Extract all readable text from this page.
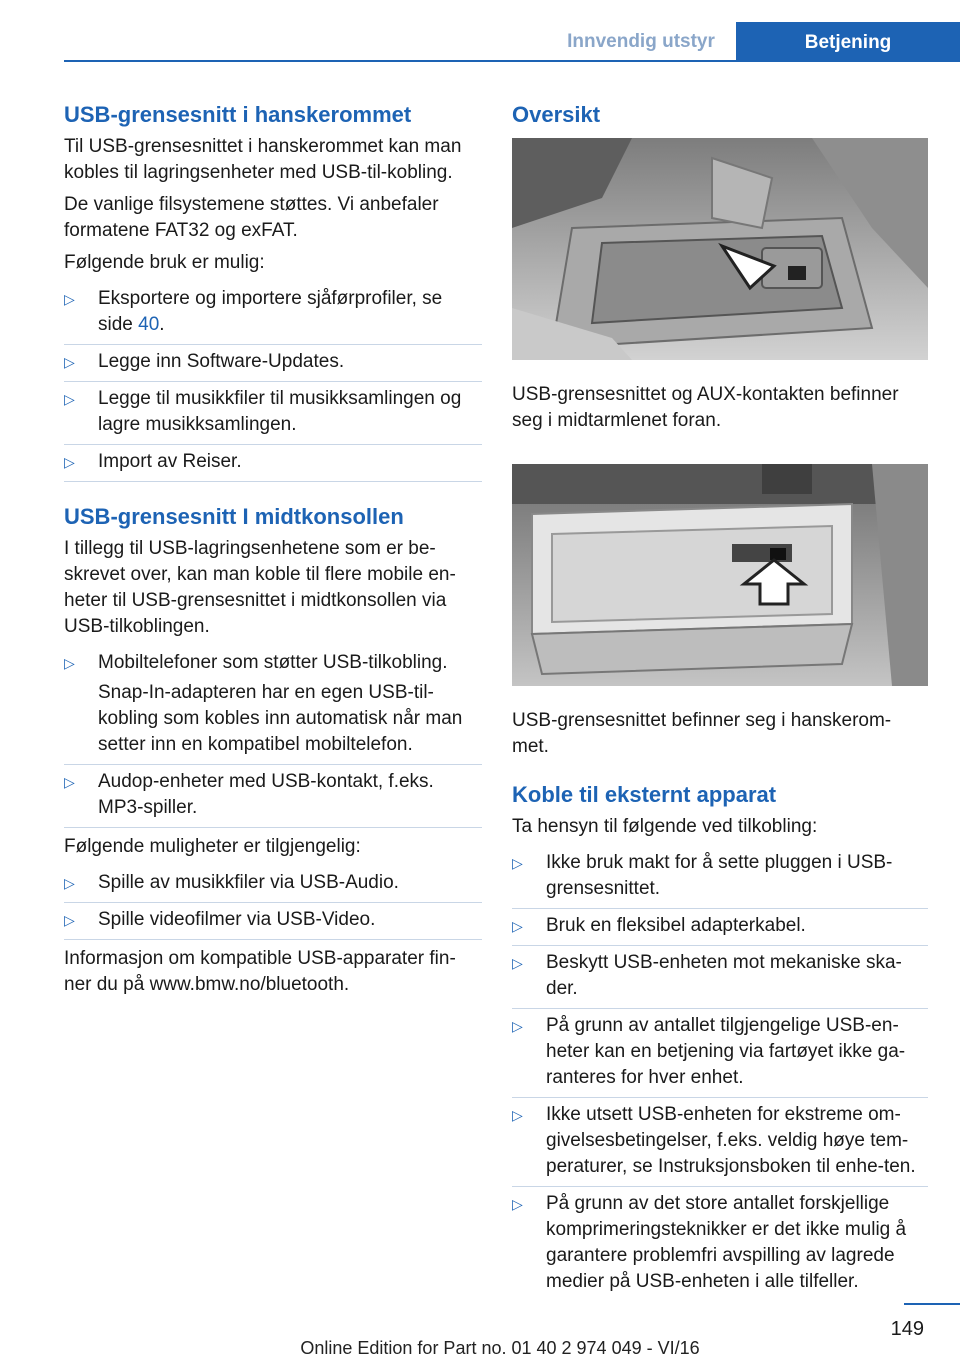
Innvendig utstyr	Betjening
USB-grensesnitt i hanskerommet

Til USB-grensesnittet i hanskerommet kan man kobles til lagringsenheter med USB-til-kobling.

De vanlige filsystemene støttes. Vi anbefaler formatene FAT32 og exFAT.

Følgende bruk er mulig:

▷ Eksportere og importere sjåførprofiler, se side 40.
▷ Legge inn Software-Updates.
▷ Legge til musikkfiler til musikksamlingen og lagre musikksamlingen.
▷ Import av Reiser.
USB-grensesnitt I midtkonsollen

I tillegg til USB-lagringsenhetene som er be-skrevet over, kan man koble til flere mobile en-heter til USB-grensesnittet i midtkonsollen via USB-tilkoblingen.

▷ Mobiltelefoner som støtter USB-tilkobling.

Snap-In-adapteren har en egen USB-til-kobling som kobles inn automatisk når man setter inn en kompatibel mobiltelefon.

▷ Audop-enheter med USB-kontakt, f.eks. MP3-spiller.

Følgende muligheter er tilgjengelig:

▷ Spille av musikkfiler via USB-Audio.
▷ Spille videofilmer via USB-Video.

Informasjon om kompatible USB-apparater fin-ner du på www.bmw.no/bluetooth.

Oversikt

USB-grensesnittet og AUX-kontakten befinner seg i midtarmlenet foran.

USB-grensesnittet befinner seg i hanskerom-met.

Koble til eksternt apparat

Ta hensyn til følgende ved tilkobling:

▷ Ikke bruk makt for å sette pluggen i USB-grensesnittet.
▷ Bruk en fleksibel adapterkabel.
▷ Beskytt USB-enheten mot mekaniske ska-der.
▷ På grunn av antallet tilgjengelige USB-en-heter kan en betjening via fartøyet ikke ga-ranteres for hver enhet.
▷ Ikke utsett USB-enheten for ekstreme om-givelsesbetingelser, f.eks. veldig høye tem-peraturer, se Instruksjonsboken til enhe-ten.
▷ På grunn av det store antallet forskjellige komprimeringsteknikker er det ikke mulig å garantere problemfri avspilling av lagrede medier på USB-enheten i alle tilfeller.
149
Online Edition for Part no. 01 40 2 974 049 - VI/16
